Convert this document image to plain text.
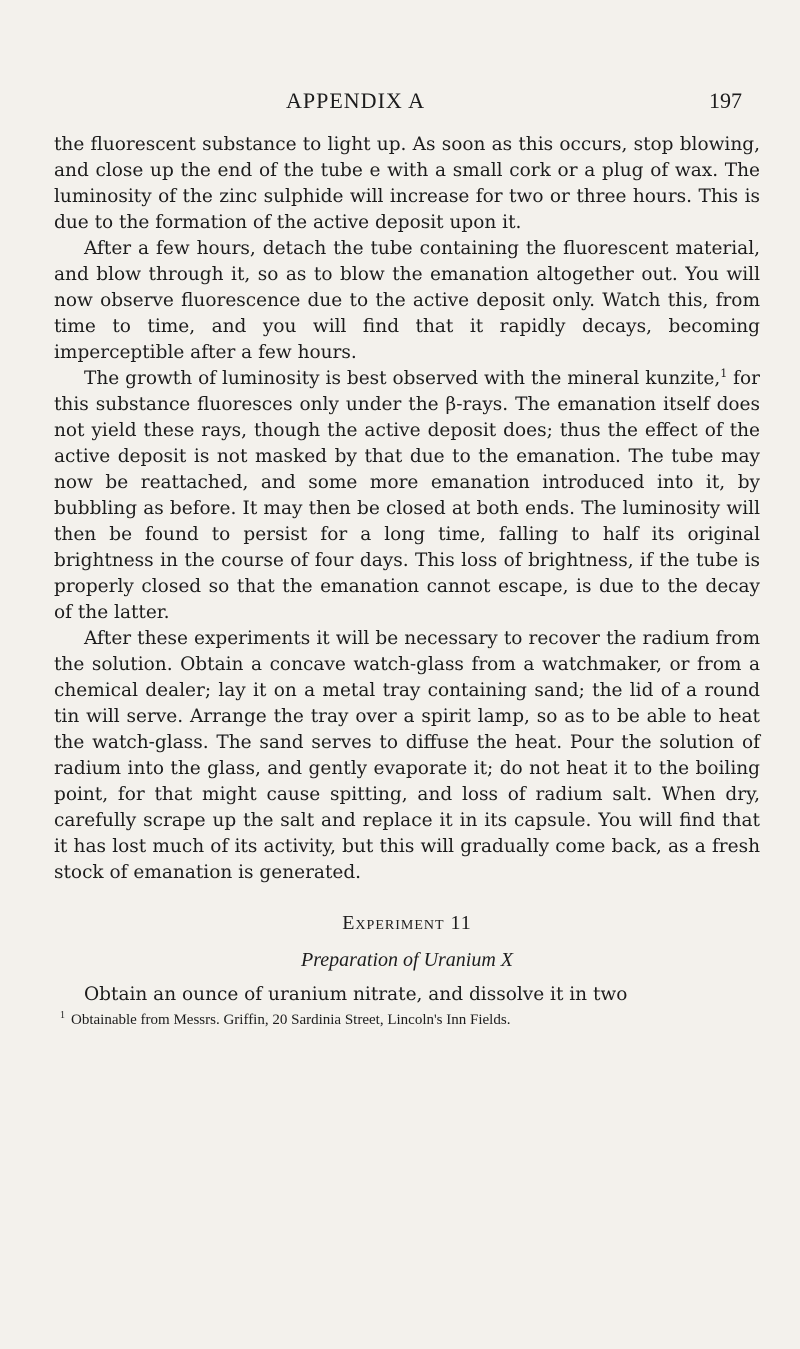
APPENDIX A	197

the fluorescent substance to light up. As soon as this occurs, stop blowing, and close up the end of the tube e with a small cork or a plug of wax. The luminosity of the zinc sulphide will increase for two or three hours. This is due to the formation of the active deposit upon it.

After a few hours, detach the tube containing the fluorescent material, and blow through it, so as to blow the emanation altogether out. You will now observe fluorescence due to the active deposit only. Watch this, from time to time, and you will find that it rapidly decays, becoming imperceptible after a few hours.

The growth of luminosity is best observed with the mineral kunzite,$^1$ for this substance fluoresces only under the β-rays. The emanation itself does not yield these rays, though the active deposit does; thus the effect of the active deposit is not masked by that due to the emanation. The tube may now be reattached, and some more emanation introduced into it, by bubbling as before. It may then be closed at both ends. The luminosity will then be found to persist for a long time, falling to half its original brightness in the course of four days. This loss of brightness, if the tube is properly closed so that the emanation cannot escape, is due to the decay of the latter.

After these experiments it will be necessary to recover the radium from the solution. Obtain a concave watch-glass from a watchmaker, or from a chemical dealer; lay it on a metal tray containing sand; the lid of a round tin will serve. Arrange the tray over a spirit lamp, so as to be able to heat the watch-glass. The sand serves to diffuse the heat. Pour the solution of radium into the glass, and gently evaporate it; do not heat it to the boiling point, for that might cause spitting, and loss of radium salt. When dry, carefully scrape up the salt and replace it in its capsule. You will find that it has lost much of its activity, but this will gradually come back, as a fresh stock of emanation is generated.

Experiment 11
Preparation of Uranium X

Obtain an ounce of uranium nitrate, and dissolve it in two

$^1$ Obtainable from Messrs. Griffin, 20 Sardinia Street, Lincoln's Inn Fields.
